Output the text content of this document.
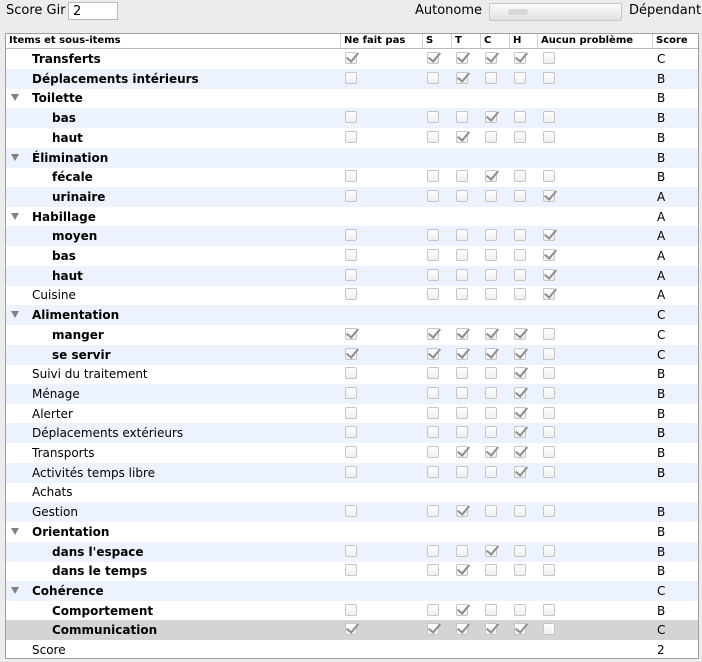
Score Gir
2	Autonome	Dépendant
Items et sous-items	Ne fait pas	S	T	C	H	Aucun problème	Score
Transferts	C
Déplacements intérieurs	B
Toilette	B
bas	B
haut	B
Élimination	B
fécale	B
urinaire	A
Habillage	A
moyen	A
bas	A
haut	A
Cuisine	A
Alimentation	C
manger	C
se servir	C
Suivi du traitement	B
Ménage	B
Alerter	B
Déplacements extérieurs	B
Transports	B
Activités temps libre	B
Achats
Gestion	B
Orientation	B
dans l'espace	B
dans le temps	B
Cohérence	C
Comportement	B
Communication	C
Score	2
